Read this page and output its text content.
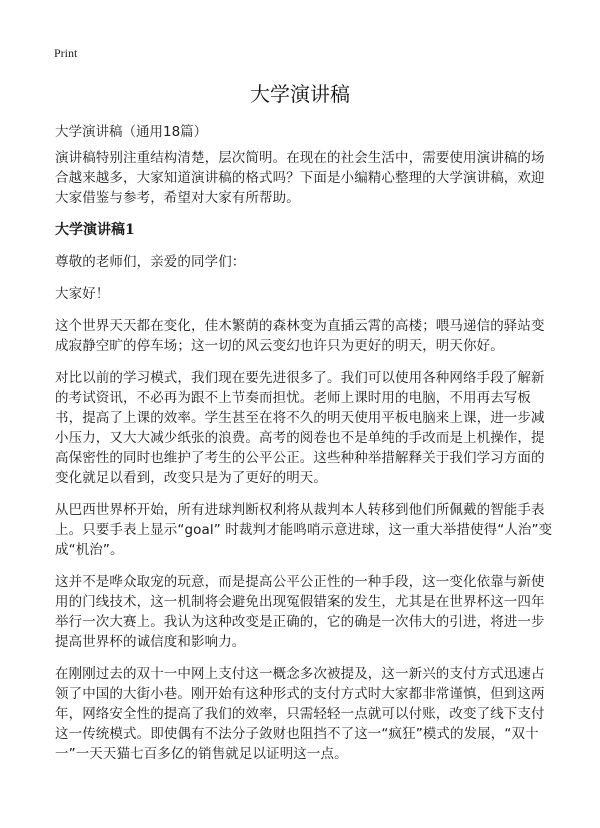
Print
大学演讲稿
大学演讲稿（通用18篇）

演讲稿特别注重结构清楚，层次简明。在现在的社会生活中，需要使用演讲稿的场合越来越多，大家知道演讲稿的格式吗？下面是小编精心整理的大学演讲稿，欢迎大家借鉴与参考，希望对大家有所帮助。

大学演讲稿1

尊敬的老师们，亲爱的同学们：

大家好！

这个世界天天都在变化，佳木繁荫的森林变为直插云霄的高楼；喂马递信的驿站变成寂静空旷的停车场；这一切的风云变幻也许只为更好的明天，明天你好。

对比以前的学习模式，我们现在要先进很多了。我们可以使用各种网络手段了解新的考试资讯，不必再为跟不上节奏而担忧。老师上课时用的电脑，不用再去写板书，提高了上课的效率。学生甚至在将不久的明天使用平板电脑来上课，进一步减小压力，又大大减少纸张的浪费。高考的阅卷也不是单纯的手改而是上机操作，提高保密性的同时也维护了考生的公平公正。这些种种举措解释关于我们学习方面的变化就足以看到，改变只是为了更好的明天。

从巴西世界杯开始，所有进球判断权利将从裁判本人转移到他们所佩戴的智能手表上。只要手表上显示“goal” 时裁判才能鸣哨示意进球，这一重大举措使得“人治”变成“机治”。

这并不是哗众取宠的玩意，而是提高公平公正性的一种手段，这一变化依靠与新使用的门线技术，这一机制将会避免出现冤假错案的发生，尤其是在世界杯这一四年举行一次大赛上。我认为这种改变是正确的，它的确是一次伟大的引进，将进一步提高世界杯的诚信度和影响力。

在刚刚过去的双十一中网上支付这一概念多次被提及，这一新兴的支付方式迅速占领了中国的大街小巷。刚开始有这种形式的支付方式时大家都非常谨慎，但到这两年，网络安全性的提高了我们的效率，只需轻轻一点就可以付账，改变了线下支付这一传统模式。即使偶有不法分子敛财也阻挡不了这一“疯狂”模式的发展，“双十一”一天天猫七百多亿的销售就足以证明这一点。
